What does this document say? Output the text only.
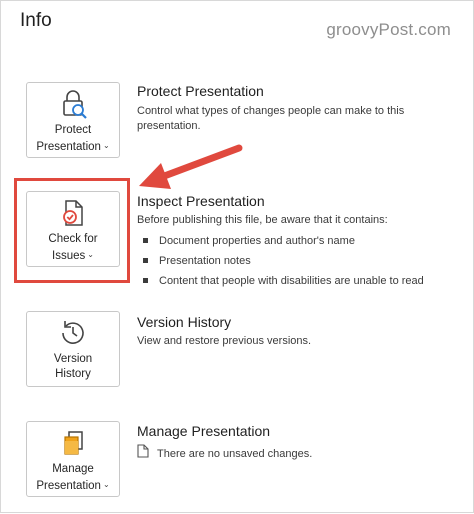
Info	groovyPost.com
Protect
Presentation ⌄
Protect Presentation
Control what types of changes people can make to this presentation.
Check for
Issues ⌄
Inspect Presentation
Before publishing this file, be aware that it contains:
Document properties and author's name
Presentation notes
Content that people with disabilities are unable to read
Version
History
Version History
View and restore previous versions.
Manage
Presentation ⌄
Manage Presentation
There are no unsaved changes.
